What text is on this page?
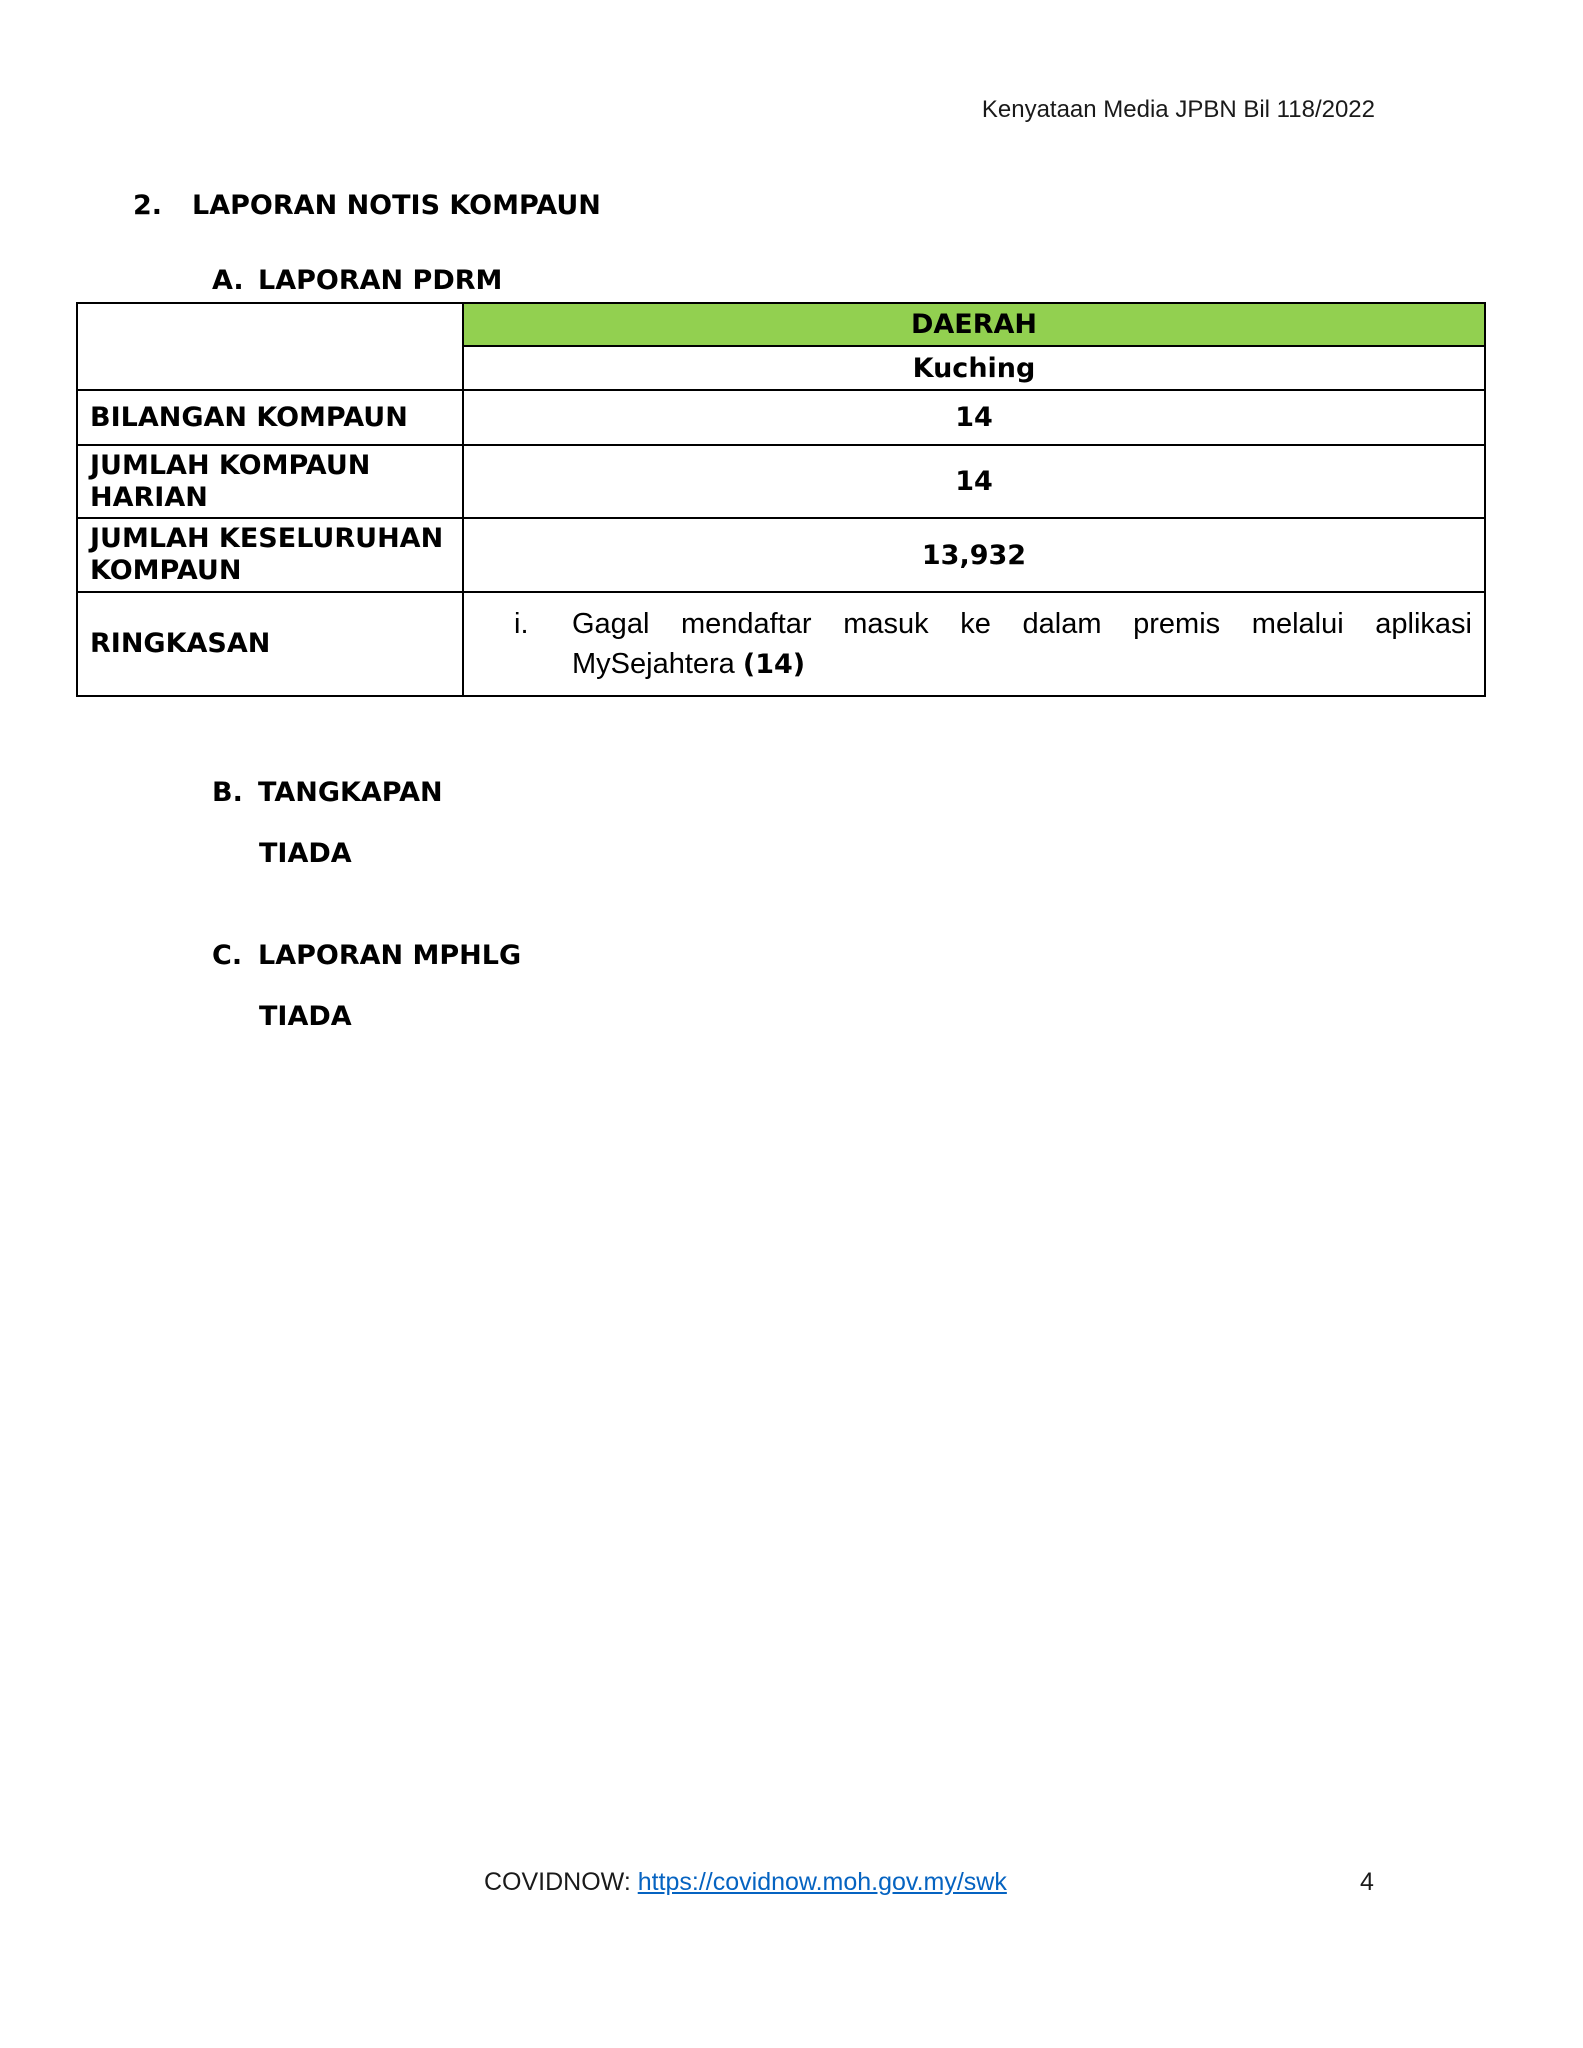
Kenyataan Media JPBN Bil 118/2022
2. LAPORAN NOTIS KOMPAUN
A. LAPORAN PDRM
	DAERAH
	Kuching
BILANGAN KOMPAUN	14
JUMLAH KOMPAUN HARIAN	14
JUMLAH KESELURUHAN KOMPAUN	13,932
RINGKASAN	i. Gagal mendaftar masuk ke dalam premis melalui aplikasi MySejahtera (14)
B. TANGKAPAN
TIADA
C. LAPORAN MPHLG
TIADA
COVIDNOW: https://covidnow.moh.gov.my/swk	4
